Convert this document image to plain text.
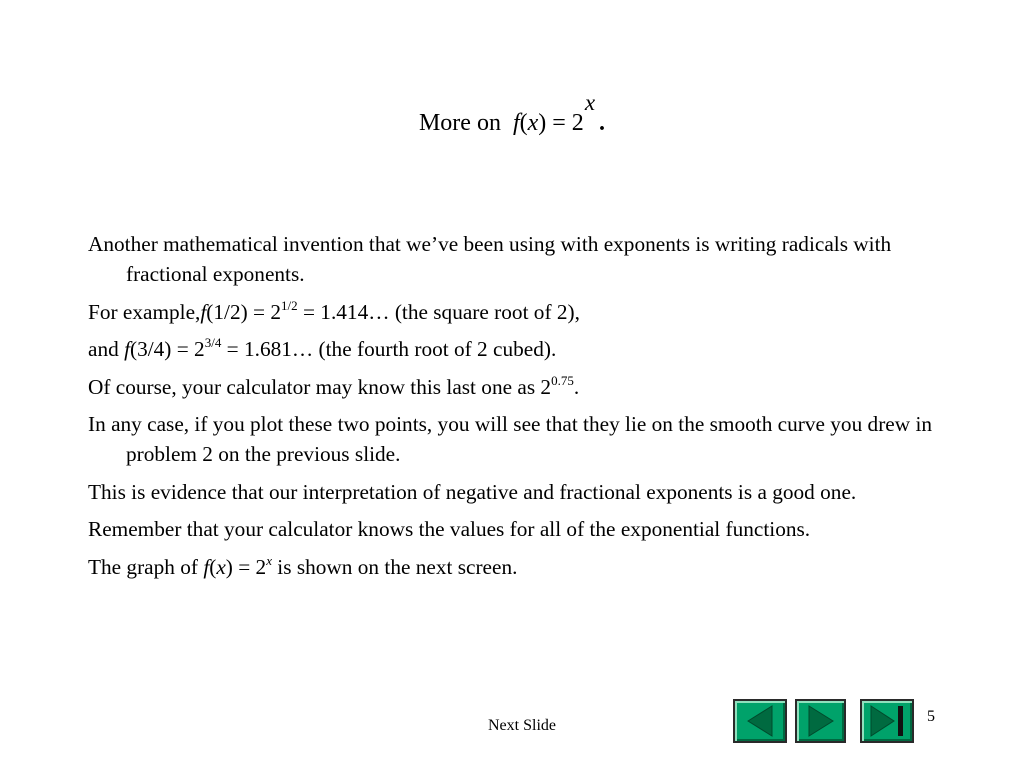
More on f(x) = 2x.

Another mathematical invention that we’ve been using with exponents is writing radicals with fractional exponents.

For example,f(1/2) = $2^{1/2}$ = 1.414… (the square root of 2),

and $f(3/4) = 2^{3/4}$ = 1.681… (the fourth root of 2 cubed).

Of course, your calculator may know this last one as $2^{0.75}$.

In any case, if you plot these two points, you will see that they lie on the smooth curve you drew in problem 2 on the previous slide.

This is evidence that our interpretation of negative and fractional exponents is a good one.

Remember that your calculator knows the values for all of the exponential functions.

The graph of $f(x) = 2^x$ is shown on the next screen.

Next Slide
5
